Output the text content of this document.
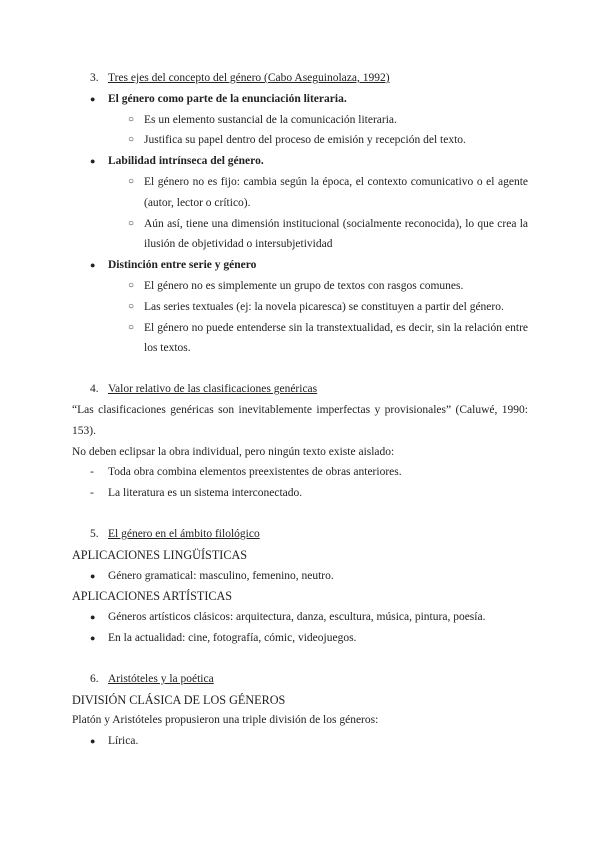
3. Tres ejes del concepto del género (Cabo Aseguinolaza, 1992)
●	El género como parte de la enunciación literaria.
○ Es un elemento sustancial de la comunicación literaria.
○ Justifica su papel dentro del proceso de emisión y recepción del texto.
●	Labilidad intrínseca del género.
○ El género no es fijo: cambia según la época, el contexto comunicativo o el agente (autor, lector o crítico).
○ Aún así, tiene una dimensión institucional (socialmente reconocida), lo que crea la ilusión de objetividad o intersubjetividad
●	Distinción entre serie y género
○ El género no es simplemente un grupo de textos con rasgos comunes.
○ Las series textuales (ej: la novela picaresca) se constituyen a partir del género.
○ El género no puede entenderse sin la transtextualidad, es decir, sin la relación entre los textos.
4. Valor relativo de las clasificaciones genéricas
“Las clasificaciones genéricas son inevitablemente imperfectas y provisionales” (Caluwé, 1990: 153).
No deben eclipsar la obra individual, pero ningún texto existe aislado:
-	Toda obra combina elementos preexistentes de obras anteriores.
-	La literatura es un sistema interconectado.
5. El género en el ámbito filológico
APLICACIONES LINGÜÍSTICAS
●	Género gramatical: masculino, femenino, neutro.
APLICACIONES ARTÍSTICAS
●	Géneros artísticos clásicos: arquitectura, danza, escultura, música, pintura, poesía.
●	En la actualidad: cine, fotografía, cómic, videojuegos.
6. Aristóteles y la poética
DIVISIÓN CLÁSICA DE LOS GÉNEROS
Platón y Aristóteles propusieron una triple división de los géneros:
●	Lírica.
